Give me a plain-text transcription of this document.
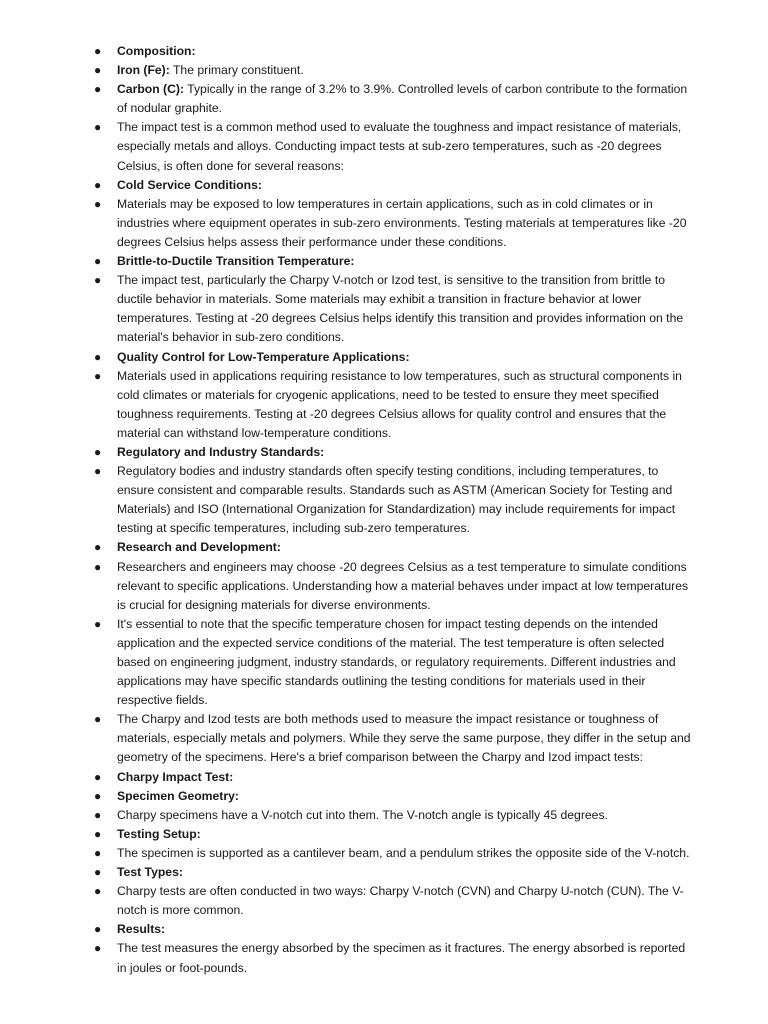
● Composition:
● Iron (Fe): The primary constituent.
● Carbon (C): Typically in the range of 3.2% to 3.9%. Controlled levels of carbon contribute to the formation of nodular graphite.
● The impact test is a common method used to evaluate the toughness and impact resistance of materials, especially metals and alloys. Conducting impact tests at sub-zero temperatures, such as -20 degrees Celsius, is often done for several reasons:
● Cold Service Conditions:
● Materials may be exposed to low temperatures in certain applications, such as in cold climates or in industries where equipment operates in sub-zero environments. Testing materials at temperatures like -20 degrees Celsius helps assess their performance under these conditions.
● Brittle-to-Ductile Transition Temperature:
● The impact test, particularly the Charpy V-notch or Izod test, is sensitive to the transition from brittle to ductile behavior in materials. Some materials may exhibit a transition in fracture behavior at lower temperatures. Testing at -20 degrees Celsius helps identify this transition and provides information on the material's behavior in sub-zero conditions.
● Quality Control for Low-Temperature Applications:
● Materials used in applications requiring resistance to low temperatures, such as structural components in cold climates or materials for cryogenic applications, need to be tested to ensure they meet specified toughness requirements. Testing at -20 degrees Celsius allows for quality control and ensures that the material can withstand low-temperature conditions.
● Regulatory and Industry Standards:
● Regulatory bodies and industry standards often specify testing conditions, including temperatures, to ensure consistent and comparable results. Standards such as ASTM (American Society for Testing and Materials) and ISO (International Organization for Standardization) may include requirements for impact testing at specific temperatures, including sub-zero temperatures.
● Research and Development:
● Researchers and engineers may choose -20 degrees Celsius as a test temperature to simulate conditions relevant to specific applications. Understanding how a material behaves under impact at low temperatures is crucial for designing materials for diverse environments.
● It's essential to note that the specific temperature chosen for impact testing depends on the intended application and the expected service conditions of the material. The test temperature is often selected based on engineering judgment, industry standards, or regulatory requirements. Different industries and applications may have specific standards outlining the testing conditions for materials used in their respective fields.
● The Charpy and Izod tests are both methods used to measure the impact resistance or toughness of materials, especially metals and polymers. While they serve the same purpose, they differ in the setup and geometry of the specimens. Here's a brief comparison between the Charpy and Izod impact tests:
● Charpy Impact Test:
● Specimen Geometry:
● Charpy specimens have a V-notch cut into them. The V-notch angle is typically 45 degrees.
● Testing Setup:
● The specimen is supported as a cantilever beam, and a pendulum strikes the opposite side of the V-notch.
● Test Types:
● Charpy tests are often conducted in two ways: Charpy V-notch (CVN) and Charpy U-notch (CUN). The V-notch is more common.
● Results:
● The test measures the energy absorbed by the specimen as it fractures. The energy absorbed is reported in joules or foot-pounds.
